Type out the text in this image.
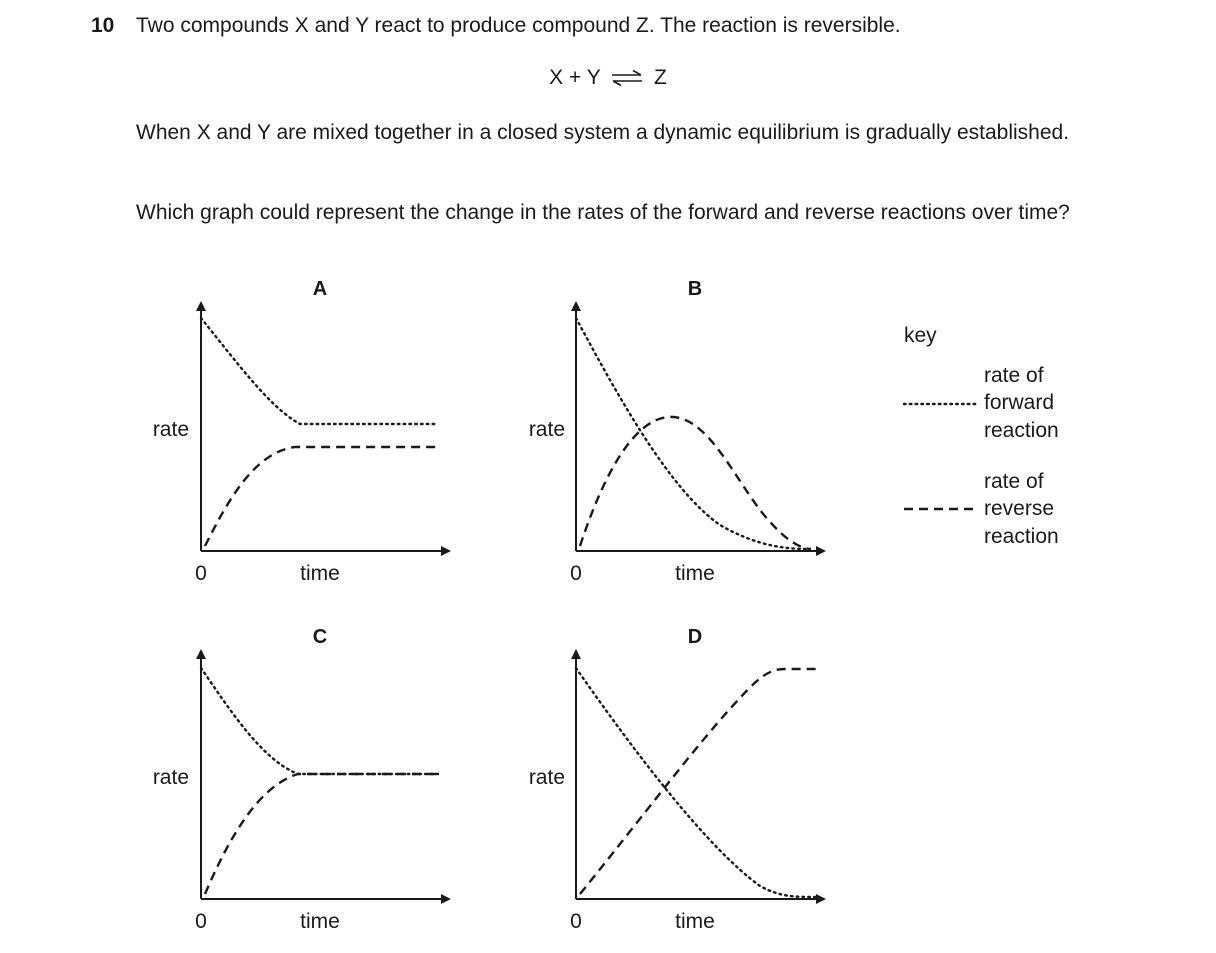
10 Two compounds X and Y react to produce compound Z. The reaction is reversible.
X + Y ⇌ Z
When X and Y are mixed together in a closed system a dynamic equilibrium is gradually established.
Which graph could represent the change in the rates of the forward and reverse reactions over time?
A
rate
time
0
B
rate
time
0
C
rate
time
0
D
rate
time
0
key
rate of
forward
reaction
rate of
reverse
reaction
